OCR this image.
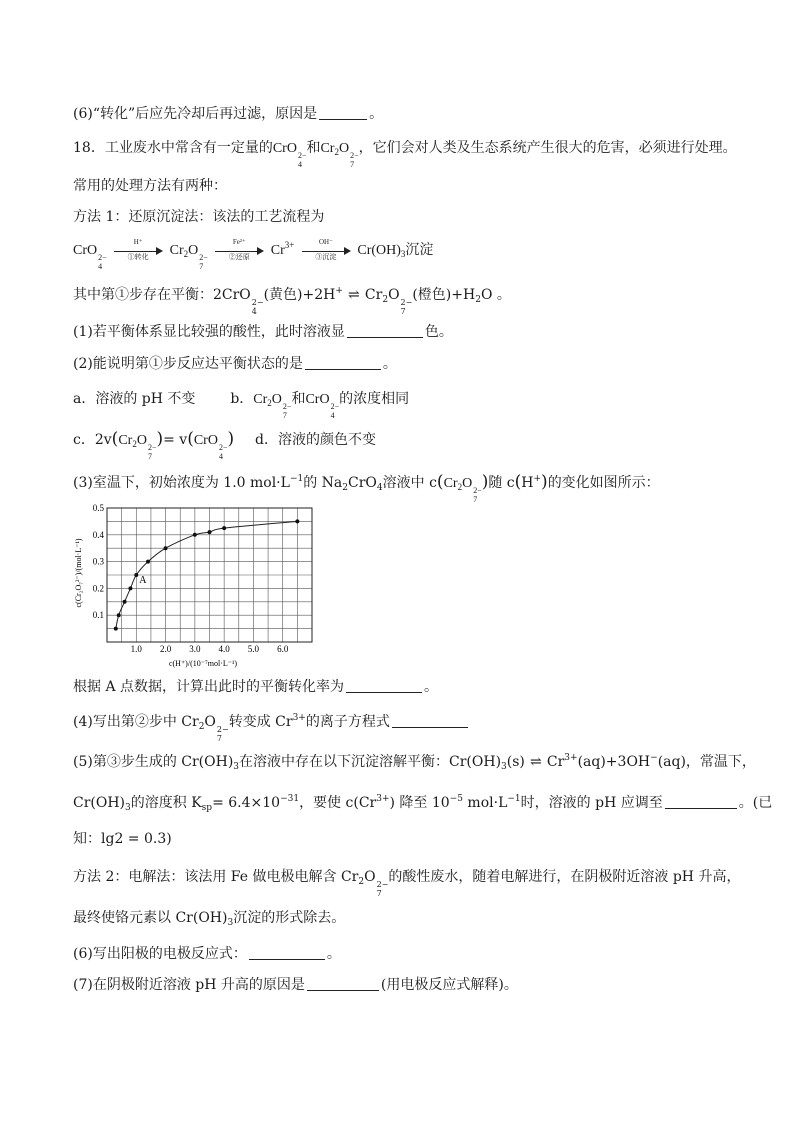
(6)“转化”后应先冷却后再过滤，原因是	。
18．工业废水中常含有一定量的CrO 2−
4
和$Cr_2O$ 2−
7
，它们会对人类及生态系统产生很大的危害，必须进行处理。
常用的处理方法有两种：
方法 1：还原沉淀法：该法的工艺流程为
CrO 2−
4

H⁺
①转化	$Cr_2O$ 2−
7

Fe²⁺
②还原	$Cr^{3+}$	OH⁻
③沉淀	$Cr(OH)_3$沉淀
其中第①步存在平衡：2CrO 2−
4
(黄色)+2H+ ⇌ $Cr_2O$ 2−
7
(橙色)$+H_2O$ 。
(1)若平衡体系显比较强的酸性，此时溶液显	色。
(2)能说明第①步反应达平衡状态的是	。
a．溶液的 pH 不变 b．$Cr_2O$ 2−
7
和CrO 2−
4
的浓度相同
c．$2v(Cr_2O$ 2−
7
)= v(CrO 2−
4
) d．溶液的颜色不变
(3)室温下，初始浓度为 1.0 $mol\cdot L^{-1}$的 $Na_2CrO_4$溶液中 $c(Cr_2O$ 2−
7
)随 c(H+)的变化如图所示：
1.0 2.0 3.0 4.0 5.0 6.0
0.1
0.2
0.3
0.4
0.5
A
c(Cr₂O₇²⁻)/(mol·L⁻¹)
c(H⁺)/(10⁻⁷mol·L⁻¹)
根据 A 点数据，计算出此时的平衡转化率为	。
(4)写出第②步中 $Cr_2O$ 2−
7
转变成 $Cr^{3+}$的离子方程式
(5)第③步生成的 $Cr(OH)_3$在溶液中存在以下沉淀溶解平衡：$Cr(OH)_3(s)$ ⇌ $Cr^{3+}(aq)+3OH^-(aq)$，常温下，
$Cr(OH)_3$的溶度积 $K_{sp}= 6.4\times 10^{-31}$，要使 $c(Cr^{3+})$ 降至 $10^{-5}$ $mol\cdot L^{-1}$时，溶液的 pH 应调至	。(已
知：lg2 = 0.3)
方法 2：电解法：该法用 Fe 做电极电解含 $Cr_2O$ 2−
7
的酸性废水，随着电解进行，在阴极附近溶液 pH 升高，
最终使铬元素以 $Cr(OH)_3$沉淀的形式除去。
(6)写出阳极的电极反应式：	。
(7)在阴极附近溶液 pH 升高的原因是	(用电极反应式解释)。
